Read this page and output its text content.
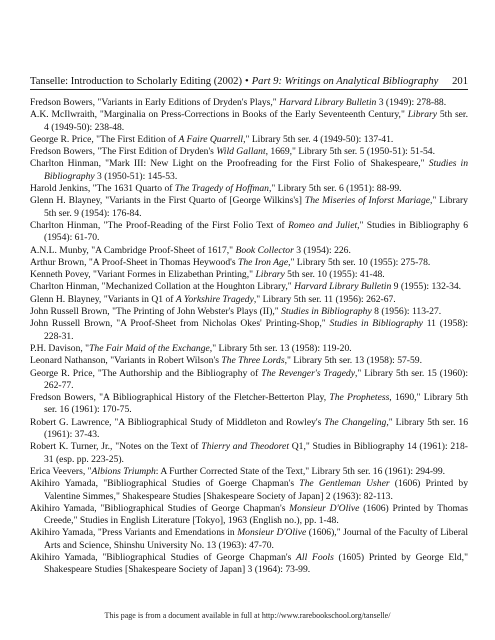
Tanselle: Introduction to Scholarly Editing (2002) • Part 9: Writings on Analytical Bibliography 201

Fredson Bowers, "Variants in Early Editions of Dryden's Plays," Harvard Library Bulletin 3 (1949): 278-88.

A.K. McIlwraith, "Marginalia on Press-Corrections in Books of the Early Seventeenth Century," Library 5th ser. 4 (1949-50): 238-48.

George R. Price, "The First Edition of A Faire Quarrell," Library 5th ser. 4 (1949-50): 137-41.

Fredson Bowers, "The First Edition of Dryden's Wild Gallant, 1669," Library 5th ser. 5 (1950-51): 51-54.

Charlton Hinman, "Mark III: New Light on the Proofreading for the First Folio of Shakespeare," Studies in Bibliography 3 (1950-51): 145-53.

Harold Jenkins, "The 1631 Quarto of The Tragedy of Hoffman," Library 5th ser. 6 (1951): 88-99.

Glenn H. Blayney, "Variants in the First Quarto of [George Wilkins's] The Miseries of Inforst Mariage," Library 5th ser. 9 (1954): 176-84.

Charlton Hinman, "The Proof-Reading of the First Folio Text of Romeo and Juliet," Studies in Bibliography 6 (1954): 61-70.

A.N.L. Munby, "A Cambridge Proof-Sheet of 1617," Book Collector 3 (1954): 226.

Arthur Brown, "A Proof-Sheet in Thomas Heywood's The Iron Age," Library 5th ser. 10 (1955): 275-78.

Kenneth Povey, "Variant Formes in Elizabethan Printing," Library 5th ser. 10 (1955): 41-48.

Charlton Hinman, "Mechanized Collation at the Houghton Library," Harvard Library Bulletin 9 (1955): 132-34.

Glenn H. Blayney, "Variants in Q1 of A Yorkshire Tragedy," Library 5th ser. 11 (1956): 262-67.

John Russell Brown, "The Printing of John Webster's Plays (II)," Studies in Bibliography 8 (1956): 113-27.

John Russell Brown, "A Proof-Sheet from Nicholas Okes' Printing-Shop," Studies in Bibliography 11 (1958): 228-31.

P.H. Davison, "The Fair Maid of the Exchange," Library 5th ser. 13 (1958): 119-20.

Leonard Nathanson, "Variants in Robert Wilson's The Three Lords," Library 5th ser. 13 (1958): 57-59.

George R. Price, "The Authorship and the Bibliography of The Revenger's Tragedy," Library 5th ser. 15 (1960): 262-77.

Fredson Bowers, "A Bibliographical History of the Fletcher-Betterton Play, The Prophetess, 1690," Library 5th ser. 16 (1961): 170-75.

Robert G. Lawrence, "A Bibliographical Study of Middleton and Rowley's The Changeling," Library 5th ser. 16 (1961): 37-43.

Robert K. Turner, Jr., "Notes on the Text of Thierry and Theodoret Q1," Studies in Bibliography 14 (1961): 218-31 (esp. pp. 223-25).

Erica Veevers, "Albions Triumph: A Further Corrected State of the Text," Library 5th ser. 16 (1961): 294-99.

Akihiro Yamada, "Bibliographical Studies of Goerge Chapman's The Gentleman Usher (1606) Printed by Valentine Simmes," Shakespeare Studies [Shakespeare Society of Japan] 2 (1963): 82-113.

Akihiro Yamada, "Bibliographical Studies of George Chapman's Monsieur D'Olive (1606) Printed by Thomas Creede," Studies in English Literature [Tokyo], 1963 (English no.), pp. 1-48.

Akihiro Yamada, "Press Variants and Emendations in Monsieur D'Olive (1606)," Journal of the Faculty of Liberal Arts and Science, Shinshu University No. 13 (1963): 47-70.

Akihiro Yamada, "Bibliographical Studies of George Chapman's All Fools (1605) Printed by George Eld," Shakespeare Studies [Shakespeare Society of Japan] 3 (1964): 73-99.

This page is from a document available in full at http://www.rarebookschool.org/tanselle/
